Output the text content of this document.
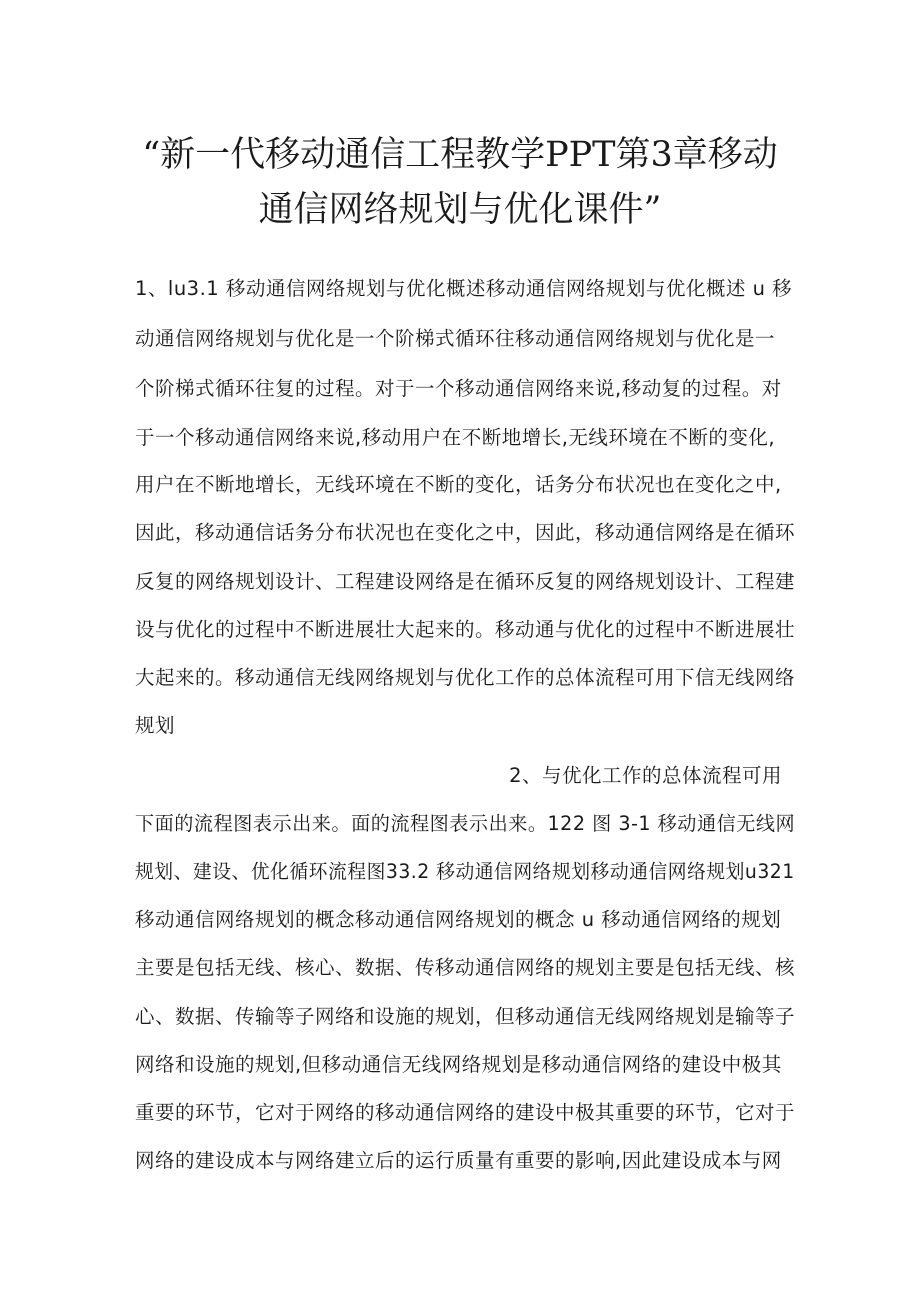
“新一代移动通信工程教学PPT第3章移动
通信网络规划与优化课件”
1、lu3.1 移动通信网络规划与优化概述移动通信网络规划与优化概述 u 移
动通信网络规划与优化是一个阶梯式循环往移动通信网络规划与优化是一
个阶梯式循环往复的过程。对于一个移动通信网络来说,移动复的过程。对
于一个移动通信网络来说,移动用户在不断地增长,无线环境在不断的变化,
用户在不断地增长，无线环境在不断的变化，话务分布状况也在变化之中,
因此，移动通信话务分布状况也在变化之中，因此，移动通信网络是在循环
反复的网络规划设计、工程建设网络是在循环反复的网络规划设计、工程建
设与优化的过程中不断进展壮大起来的。移动通与优化的过程中不断进展壮
大起来的。移动通信无线网络规划与优化工作的总体流程可用下信无线网络
规划
2、与优化工作的总体流程可用
下面的流程图表示出来。面的流程图表示出来。122 图 3-1 移动通信无线网
规划、建设、优化循环流程图33.2 移动通信网络规划移动通信网络规划u321
移动通信网络规划的概念移动通信网络规划的概念 u 移动通信网络的规划
主要是包括无线、核心、数据、传移动通信网络的规划主要是包括无线、核
心、数据、传输等子网络和设施的规划，但移动通信无线网络规划是输等子
网络和设施的规划,但移动通信无线网络规划是移动通信网络的建设中极其
重要的环节，它对于网络的移动通信网络的建设中极其重要的环节，它对于
网络的建设成本与网络建立后的运行质量有重要的影响,因此建设成本与网
